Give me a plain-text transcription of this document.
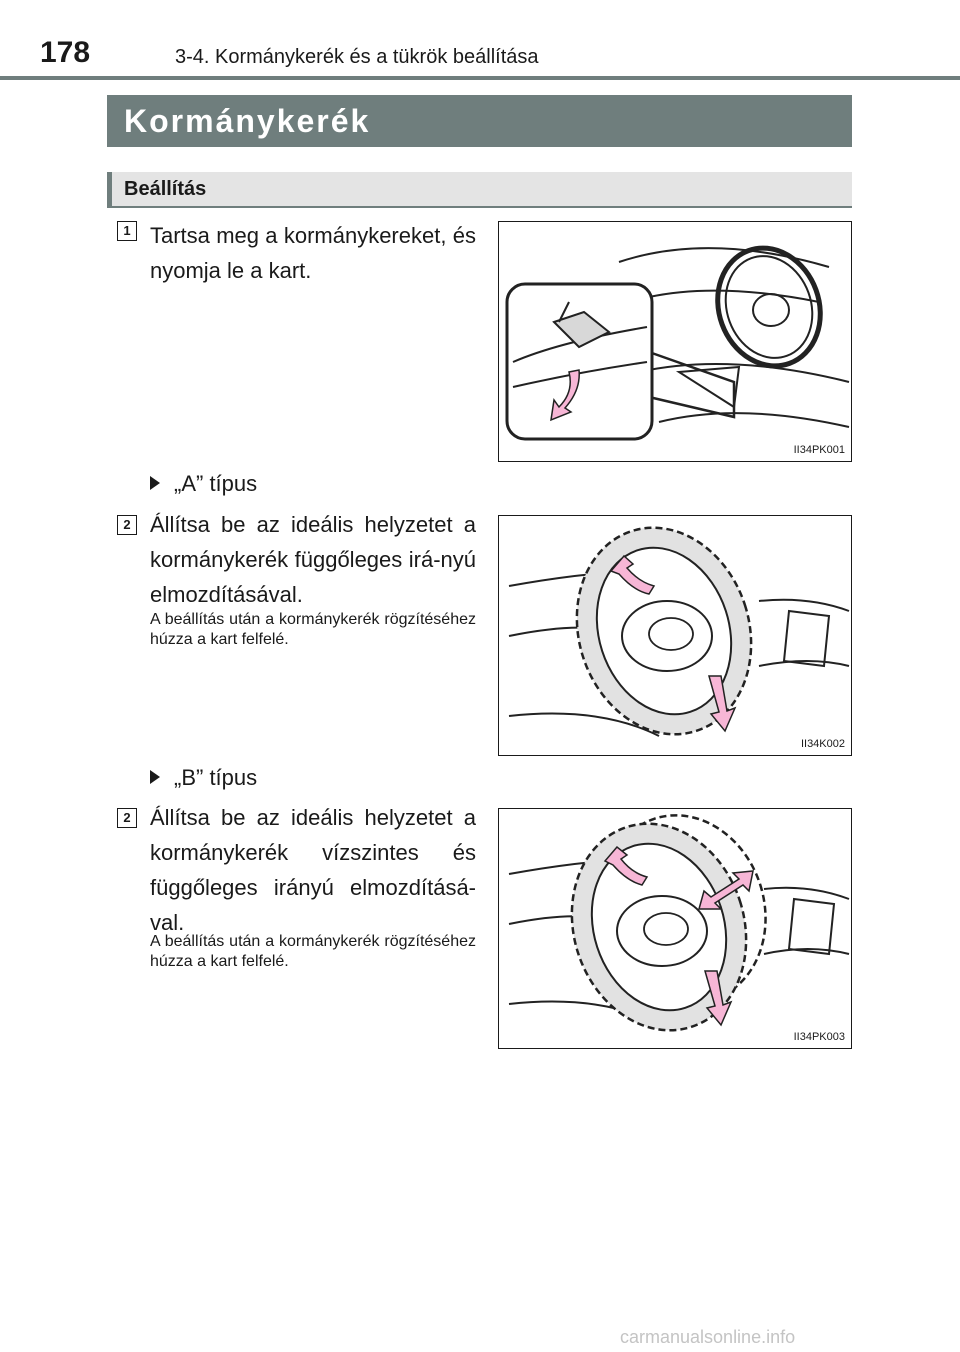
178	3-4. Kormánykerék és a tükrök beállítása
Kormánykerék
Beállítás
1 Tartsa meg a kormánykereket, és nyomja le a kart.
II34PK001
„A” típus
2 Állítsa be az ideális helyzetet a kormánykerék függőleges irá-nyú elmozdításával.
A beállítás után a kormánykerék rögzítéséhez húzza a kart felfelé.
II34K002
„B” típus
2 Állítsa be az ideális helyzetet a kormánykerék vízszintes és függőleges irányú elmozdításá-val.
A beállítás után a kormánykerék rögzítéséhez húzza a kart felfelé.
II34PK003
carmanualsonline.info
